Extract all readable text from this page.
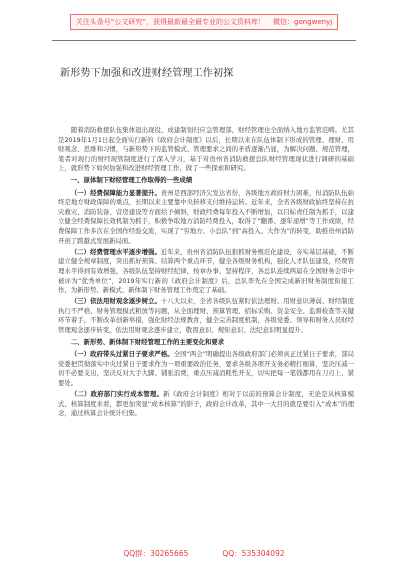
关注头条号“公文研究”，获得最新最全最专业的公文资料库！ 微信：gongwenyj
新形势下加强和改进财经管理工作初探

随着消防救援队伍集体退出现役、成建制划归应急管理部，财经管理也全面纳入地方监管范畴。尤其是2019年1月1日起全面实行新的《政府会计制度》以后，长期以来在队伍体制下形成的管理、理财、用财观念、思维和习惯，与新形势下的监管模式、管理要求之间的矛盾逐渐凸显，为解决问题、规范管理，笔者对现行的财经现管制度进行了深入学习，基于对贵州省消防救援总队财经管理现状进行调研的基础上，就形势下如何加强和改进财经管理工作，做了一些探索和研究。

一、原体制下财经管理工作取得的一些成绩

（一）经费保障能力显著提升。贵州是西部经济欠发达省份，各级地方政府财力困难，但消防队伍始终是地方财政保障的重点，长期以来主要靠中央转移支付维持运转。近年来，全省各级财政始终坚持在抗灾救灾、消防装备、营房建设等方面给予倾斜，财政经费每年投入不断增加，以目标责任制为抓手，以建立健全经费保障长效机制为抓手，积极争取地方消防经费投入，取得了“翻番、逐年递增”等工作成绩，经费保障工作多次在全国作经验交流，实现了“穷地方、小总队”到“高投入、大作为”的转变，助推贵州消防开创了跨越式发展新局面。

（二）经费管理水平逐步增强。近年来，贵州省消防队伍狠抓财务规范化建设，夯实基层基础，不断建立健全规章制度，突出抓好预算、结算两个重点环节，健全各级财务机构，强化人才队伍建设，经费管理水平得到有效增强，各级队伍坚持财经纪律，按章办事、坚持程序，各总队连续两届在全国财务会审中被评为“优秀单位”，2019年实行新的《政府会计制度》后，总队率先在全国完成新旧财务制度衔接工作，为新形势、新模式、新体制下财务管理工作奠定了基础。

（三）依法用财观念逐步树立。十八大以来，全省各级队伍紧盯依法理财、用财意识薄弱、财经制度执行不严格、财务管理模式粗放等问题，从全面理财、预算管理、招标采购、资金安全、监督检查等关键环节着手，不断改革创新举措，强化财经法规教育，健全完善制度机制，各级党委、领导和财务人员财经管理观念逐步转变，依法用财观念逐步建立，敬畏意识、规矩意识、法纪意识明显提升。

二、新形势、新体制下财经管理工作的主要变化和要求

（一）政府带头过紧日子要求严格。全国“两会”明确提出各级政府部门必须真正过紧日子要求，部局党委把贯彻落实中央过紧日子要求作为一项重要政治任务，要求各级各项开支务必精打细算，坚决压减一切不必要支出，坚决反对大手大脚、铺张浪费，重点压减消耗性开支，切实把每一笔钱都用在刀刃上，紧要处。

（二）政府部门实行成本管理。新《政府会计制度》相对于以前的预算会计制度，无论是从核算模式、核算制度来看，都更加突显“成本核算”的影子，政府会计改革，其中一大目的就是要引入“成本”的理念，通过核算会计统计归集。

QQ群：30265665	QQ：535304092
